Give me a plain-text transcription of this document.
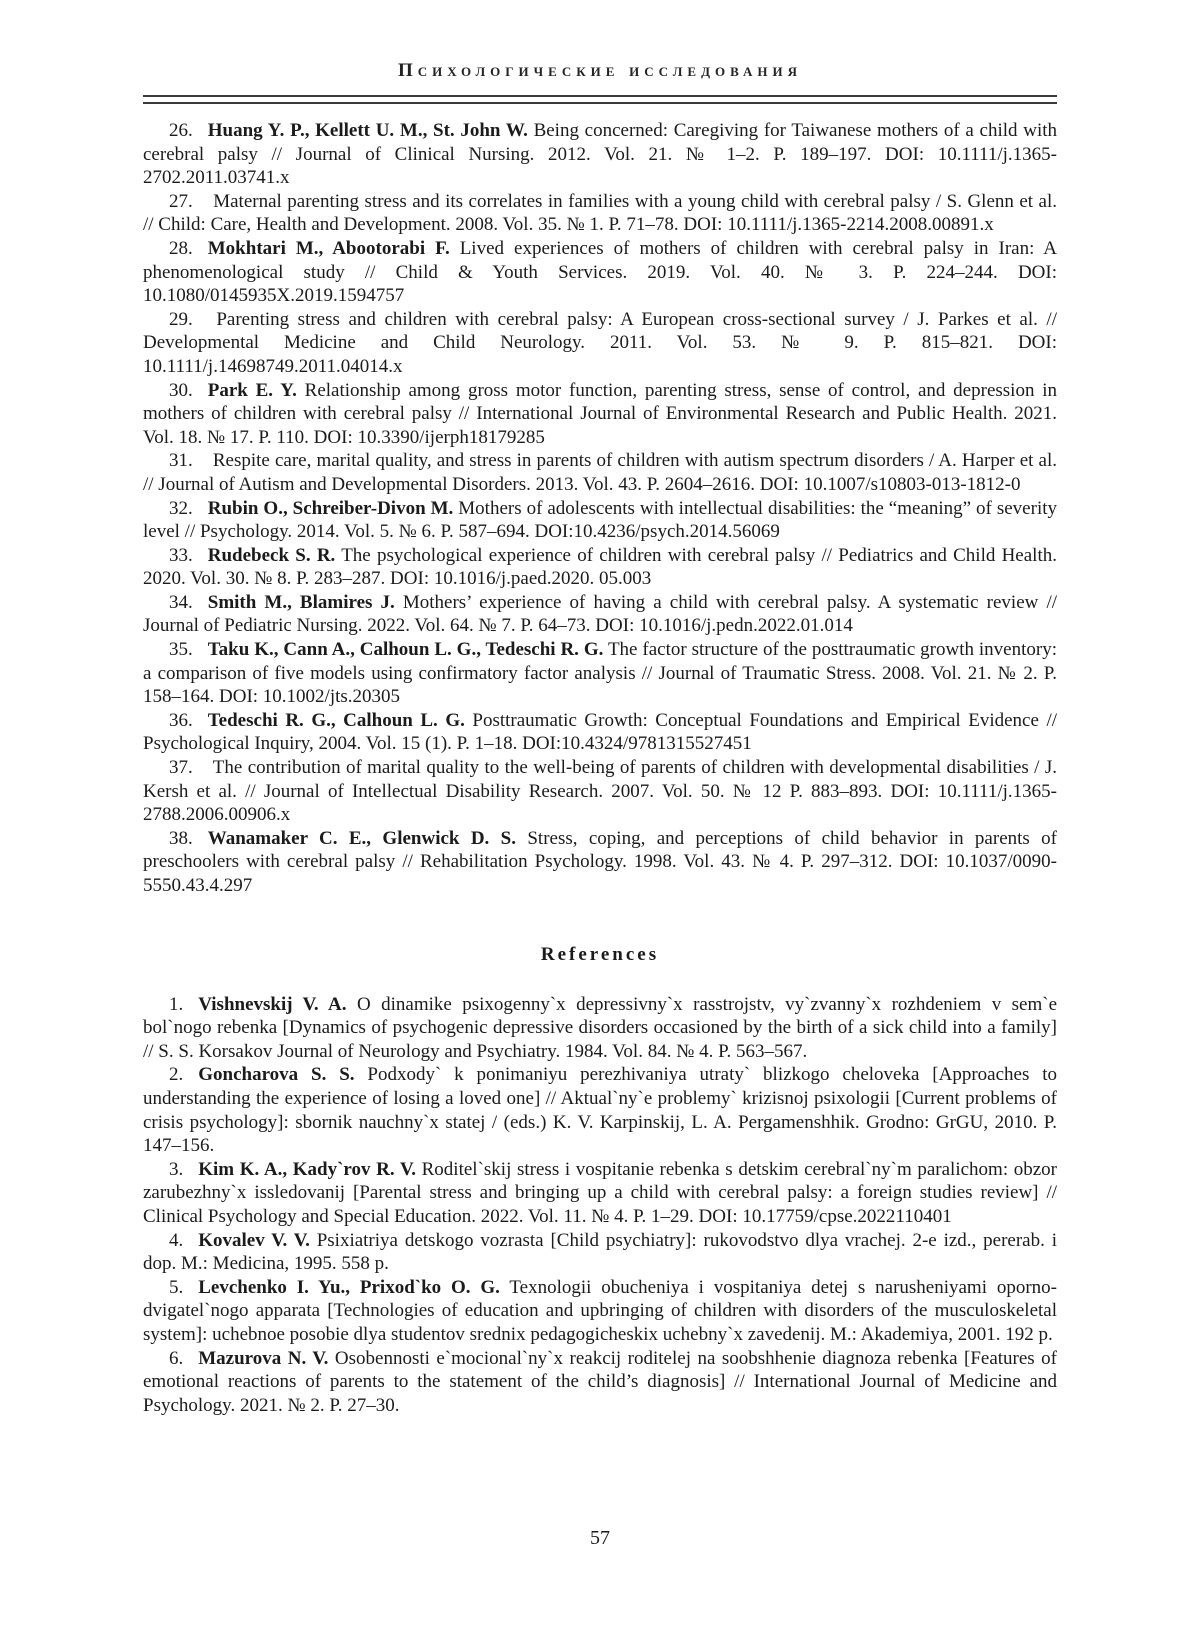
Психологические исследования

26. Huang Y. P., Kellett U. M., St. John W. Being concerned: Caregiving for Taiwanese mothers of a child with cerebral palsy // Journal of Clinical Nursing. 2012. Vol. 21. № 1–2. P. 189–197. DOI: 10.1111/j.1365-2702.2011.03741.x

27. Maternal parenting stress and its correlates in families with a young child with cerebral palsy / S. Glenn et al. // Child: Care, Health and Development. 2008. Vol. 35. № 1. P. 71–78. DOI: 10.1111/j.1365-2214.2008.00891.x

28. Mokhtari M., Abootorabi F. Lived experiences of mothers of children with cerebral palsy in Iran: A phenomenological study // Child & Youth Services. 2019. Vol. 40. № 3. P. 224–244. DOI: 10.1080/0145935X.2019.1594757

29. Parenting stress and children with cerebral palsy: A European cross-sectional survey / J. Parkes et al. // Developmental Medicine and Child Neurology. 2011. Vol. 53. № 9. P. 815–821. DOI: 10.1111/j.14698749.2011.04014.x

30. Park E. Y. Relationship among gross motor function, parenting stress, sense of control, and depression in mothers of children with cerebral palsy // International Journal of Environmental Research and Public Health. 2021. Vol. 18. № 17. P. 110. DOI: 10.3390/ijerph18179285

31. Respite care, marital quality, and stress in parents of children with autism spectrum disorders / A. Harper et al. // Journal of Autism and Developmental Disorders. 2013. Vol. 43. P. 2604–2616. DOI: 10.1007/s10803-013-1812-0

32. Rubin O., Schreiber-Divon M. Mothers of adolescents with intellectual disabilities: the “meaning” of severity level // Psychology. 2014. Vol. 5. № 6. P. 587–694. DOI:10.4236/psych.2014.56069

33. Rudebeck S. R. The psychological experience of children with cerebral palsy // Pediatrics and Child Health. 2020. Vol. 30. № 8. P. 283–287. DOI: 10.1016/j.paed.2020. 05.003

34. Smith M., Blamires J. Mothers’ experience of having a child with cerebral palsy. A systematic review // Journal of Pediatric Nursing. 2022. Vol. 64. № 7. P. 64–73. DOI: 10.1016/j.pedn.2022.01.014

35. Taku K., Cann A., Calhoun L. G., Tedeschi R. G. The factor structure of the posttraumatic growth inventory: a comparison of five models using confirmatory factor analysis // Journal of Traumatic Stress. 2008. Vol. 21. № 2. P. 158–164. DOI: 10.1002/jts.20305

36. Tedeschi R. G., Calhoun L. G. Posttraumatic Growth: Conceptual Foundations and Empirical Evidence // Psychological Inquiry, 2004. Vol. 15 (1). P. 1–18. DOI:10.4324/9781315527451

37. The contribution of marital quality to the well-being of parents of children with developmental disabilities / J. Kersh et al. // Journal of Intellectual Disability Research. 2007. Vol. 50. № 12 P. 883–893. DOI: 10.1111/j.1365-2788.2006.00906.x

38. Wanamaker C. E., Glenwick D. S. Stress, coping, and perceptions of child behavior in parents of preschoolers with cerebral palsy // Rehabilitation Psychology. 1998. Vol. 43. № 4. P. 297–312. DOI: 10.1037/0090-5550.43.4.297

References

1. Vishnevskij V. A. O dinamike psixogenny`x depressivny`x rasstrojstv, vy`zvanny`x rozhdeniem v sem`e bol`nogo rebenka [Dynamics of psychogenic depressive disorders occasioned by the birth of a sick child into a family] // S. S. Korsakov Journal of Neurology and Psychiatry. 1984. Vol. 84. № 4. P. 563–567.

2. Goncharova S. S. Podxody` k ponimaniyu perezhivaniya utraty` blizkogo cheloveka [Approaches to understanding the experience of losing a loved one] // Aktual`ny`e problemy` krizisnoj psixologii [Current problems of crisis psychology]: sbornik nauchny`x statej / (eds.) K. V. Karpinskij, L. A. Pergamenshhik. Grodno: GrGU, 2010. P. 147–156.

3. Kim K. A., Kady`rov R. V. Roditel`skij stress i vospitanie rebenka s detskim cerebral`ny`m paralichom: obzor zarubezhny`x issledovanij [Parental stress and bringing up a child with cerebral palsy: a foreign studies review] // Clinical Psychology and Special Education. 2022. Vol. 11. № 4. P. 1–29. DOI: 10.17759/cpse.2022110401

4. Kovalev V. V. Psixiatriya detskogo vozrasta [Child psychiatry]: rukovodstvo dlya vrachej. 2-e izd., pererab. i dop. M.: Medicina, 1995. 558 p.

5. Levchenko I. Yu., Prixod`ko O. G. Texnologii obucheniya i vospitaniya detej s narusheniyami oporno-dvigatel`nogo apparata [Technologies of education and upbringing of children with disorders of the musculoskeletal system]: uchebnoe posobie dlya studentov srednix pedagogicheskix uchebny`x zavedenij. M.: Akademiya, 2001. 192 p.

6. Mazurova N. V. Osobennosti e`mocional`ny`x reakcij roditelej na soobshhenie diagnoza rebenka [Features of emotional reactions of parents to the statement of the child’s diagnosis] // International Journal of Medicine and Psychology. 2021. № 2. P. 27–30.

57
